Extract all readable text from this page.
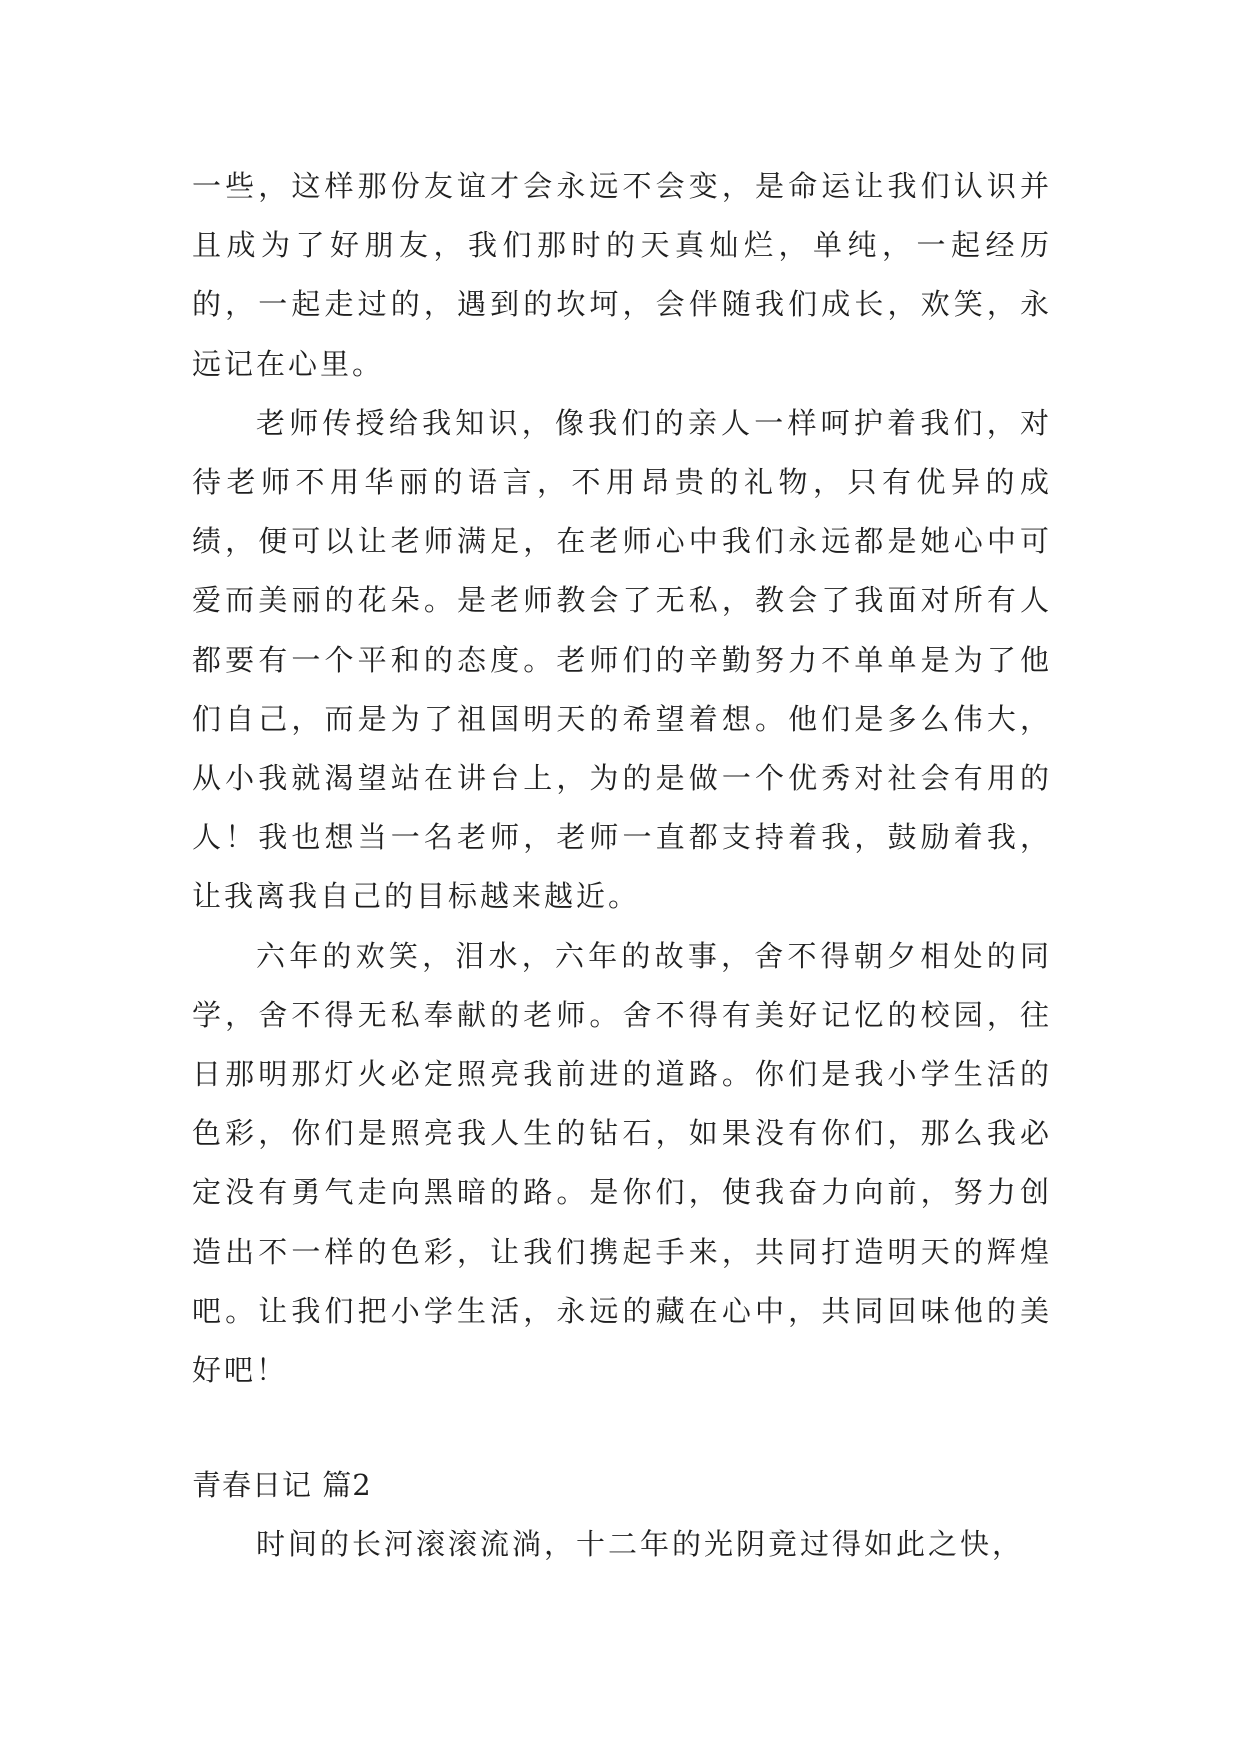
一些，这样那份友谊才会永远不会变，是命运让我们认识并且成为了好朋友，我们那时的天真灿烂，单纯，一起经历的，一起走过的，遇到的坎坷，会伴随我们成长，欢笑，永远记在心里。

老师传授给我知识，像我们的亲人一样呵护着我们，对待老师不用华丽的语言，不用昂贵的礼物，只有优异的成绩，便可以让老师满足，在老师心中我们永远都是她心中可爱而美丽的花朵。是老师教会了无私，教会了我面对所有人都要有一个平和的态度。老师们的辛勤努力不单单是为了他们自己，而是为了祖国明天的希望着想。他们是多么伟大，从小我就渴望站在讲台上，为的是做一个优秀对社会有用的人！我也想当一名老师，老师一直都支持着我，鼓励着我，让我离我自己的目标越来越近。

六年的欢笑，泪水，六年的故事，舍不得朝夕相处的同学，舍不得无私奉献的老师。舍不得有美好记忆的校园，往日那明那灯火必定照亮我前进的道路。你们是我小学生活的色彩，你们是照亮我人生的钻石，如果没有你们，那么我必定没有勇气走向黑暗的路。是你们，使我奋力向前，努力创造出不一样的色彩，让我们携起手来，共同打造明天的辉煌吧。让我们把小学生活，永远的藏在心中，共同回味他的美好吧！

青春日记 篇2

时间的长河滚滚流淌，十二年的光阴竟过得如此之快，
